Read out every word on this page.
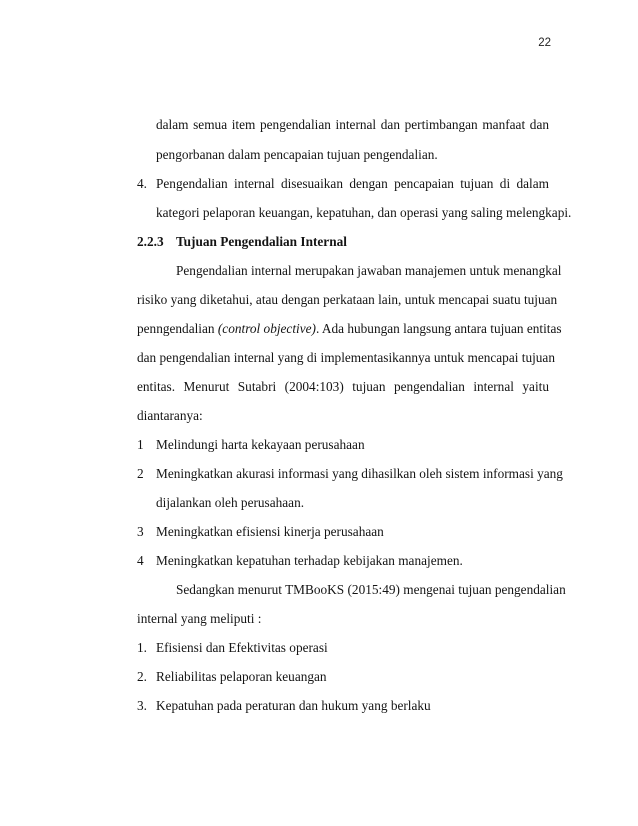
22
dalam semua item pengendalian internal dan pertimbangan manfaat dan
pengorbanan dalam pencapaian tujuan pengendalian.
4. Pengendalian internal disesuaikan dengan pencapaian tujuan di dalam
kategori pelaporan keuangan, kepatuhan, dan operasi yang saling melengkapi.
2.2.3 Tujuan Pengendalian Internal
Pengendalian internal merupakan jawaban manajemen untuk menangkal
risiko yang diketahui, atau dengan perkataan lain, untuk mencapai suatu tujuan
penngendalian (control objective). Ada hubungan langsung antara tujuan entitas
dan pengendalian internal yang di implementasikannya untuk mencapai tujuan
entitas. Menurut Sutabri (2004:103) tujuan pengendalian internal yaitu
diantaranya:
1 Melindungi harta kekayaan perusahaan
2 Meningkatkan akurasi informasi yang dihasilkan oleh sistem informasi yang
dijalankan oleh perusahaan.
3 Meningkatkan efisiensi kinerja perusahaan
4 Meningkatkan kepatuhan terhadap kebijakan manajemen.
Sedangkan menurut TMBooKS (2015:49) mengenai tujuan pengendalian
internal yang meliputi :
1. Efisiensi dan Efektivitas operasi
2. Reliabilitas pelaporan keuangan
3. Kepatuhan pada peraturan dan hukum yang berlaku
